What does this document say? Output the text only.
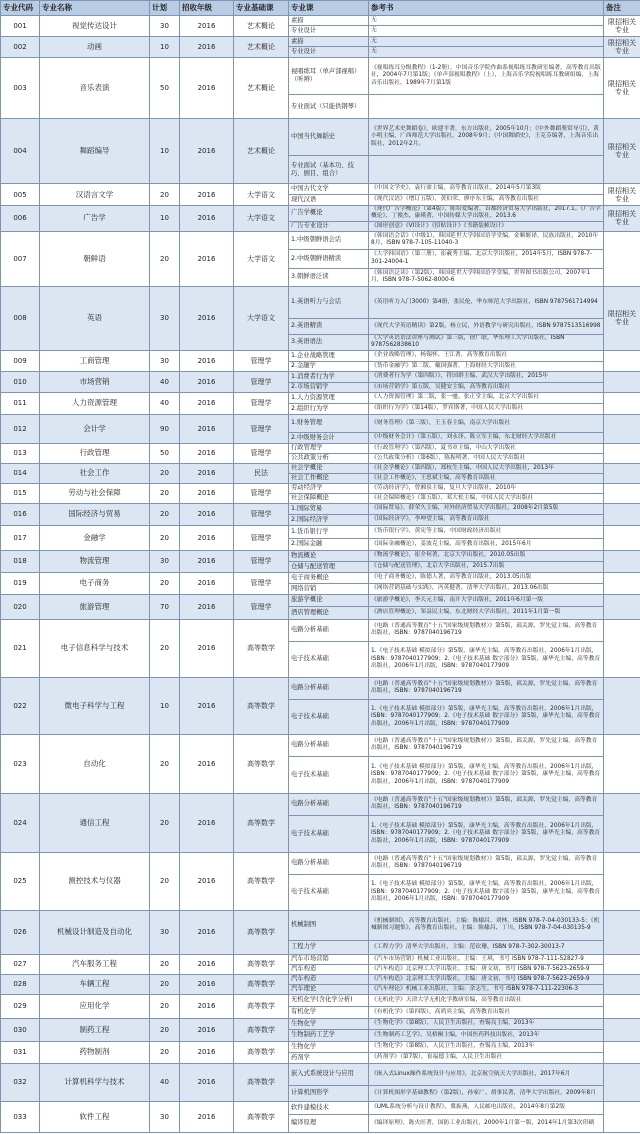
专业代码	专业名称	计划	招收年级	专业基础课	专业课	参考书	备注
001	视觉传达设计	30	2016	艺术概论	素描	无	限招相关专业
					专业设计	无	
002	动画	10	2016	艺术概论	素描	无	限招相关专业
					专业设计	无	
003	音乐表演	50	2016	艺术概论	视唱练耳（单声部视唱）（听辨）	《视唱练耳分级教程》（1-2册），中国音乐学院作曲系视唱练耳教研室编著，高等教育出版社，2004年7月第1版；《单声部视唱教程》（上），上海音乐学院视唱练耳教研组编，上海音乐出版社，1989年7月第1版	限招相关专业
					专业面试（只能供钢琴）		
004	舞蹈编导	10	2016	艺术概论	中国当代舞蹈史	《世界艺术史舞蹈卷》，欧建平著，东方出版社，2005年10月；《中外舞蹈鉴赏导引》，黄小明主编，广西师范大学出版社，2008年9月；《中国舞蹈史》，王克芬编著，上海音乐出版社，2012年2月。	限招相关专业
					专业面试（基本功、技巧、剧目、组合）		
005	汉语言文学	20	2016	大学语文	中国古代文学	《中国文学史》，袁行霈主编，高等教育出版社，2014年5月第3版	限招相关专业
					现代汉语	《现代汉语》（增订五版），黄伯荣、廖序东主编，高等教育出版社	
006	广告学	10	2016	大学语文	广告学概论	《现代广告学概论》（第4版），陈培爱编著，首都经济贸易大学出版社，2017.1。《广告学概论》，丁俊杰、康瑾著，中国传媒大学出版社，2013.6	限招相关专业
					广告专业设计	《图形创意》《VI设计》《招贴设计》《书籍装帧设计》	
007	朝鲜语	20	2016	大学语文	1.中级朝鲜语会话	《韩国语会话》（中级1），韩国延世大学韩国语学堂编，金顺姬译，民族出版社，2010年8月，ISBN 978-7-105-11040-3	
					2.中级朝鲜语精读	《大学韩国语》（第三册），崔羲秀主编，北京大学出版社，2014年5月，ISBN 978-7-301-24004-1	
					3.朝鲜语泛读	《韩国语泛读》（第2版），韩国延世大学韩国语学堂编，世界图书出版公司，2007年1月，ISBN 978-7-5062-8000-6	
008	英语	30	2016	大学语文	1.英语听力与会话	《英语听力入门3000》第4册，张民伦，华东师范大学出版社，ISBN 9787561714994	限招相关专业
					2.英语精读	《现代大学英语精读》第2版，杨立民，外语教学与研究出版社，ISBN 9787513516998	
					3.英语语法	《大学英语语法讲座与测试》第三版，徐广联，华东理工大学出版社，ISBN 9787562838610	
009	工商管理	30	2016	管理学	1.企业战略管理	《企业战略管理》，杨锡怀、王江著，高等教育出版社	
					2.金融学	《货币金融学》第二版，戴国强著，上海财经大学出版社	
010	市场营销	40	2016	管理学	1.消费者行为学	《消费者行为学（第四版）》，符国群主编，武汉大学出版社，2015年	
					2.市场营销学	《市场营销学》第五版，吴健安主编，高等教育出版社	
011	人力资源管理	40	2016	管理学	1.人力资源管理	《人力资源管理》第二版，张一驰、张正堂主编，北京大学出版社	
					2.组织行为学	《组织行为学》（第14版），罗宾斯著，中国人民大学出版社	
012	会计学	90	2016	管理学	1.财务管理	《财务管理》（第三版），王玉春主编，南京大学出版社	
					2.中级财务会计	《中级财务会计》（第五版），刘永泽、陈立军主编，东北财经大学出版社	
013	行政管理	50	2016	管理学	行政管理学	《行政管理学》（第四版），夏书章主编，中山大学出版社	
					公共政策分析	《公共政策分析》（第6版），陈振明著，中国人民大学出版社	
014	社会工作	20	2016	民法	社会学概论	《社会学概论》（第四版），郑杭生主编，中国人民大学出版社，2013年	
					社会工作概论	《社会工作概论》，王思斌主编，高等教育出版社	
015	劳动与社会保障	20	2016	管理学	劳动经济学	《劳动经济学》，曾湘泉主编，复旦大学出版社，2010年	
					社会保障概论	《社会保障概论》（第五版），邓大松主编，中国人民大学出版社	
016	国际经济与贸易	20	2016	管理学	1.国际贸易	《国际贸易》，薛荣久主编，对外经济贸易大学出版社，2008年2月第5版	
					2.国际经济学	《国际经济学》，李坤望主编，高等教育出版社	
017	金融学	20	2016	管理学	1.货币银行学	《货币银行学》，黄宪等主编，中国财政经济出版社	
					2.国际金融	《国际金融概论》，姜波克主编，高等教育出版社，2015年6月	
018	物流管理	30	2016	管理学	物流概论	《物流学概论》，崔介何著，北京大学出版社，2010.05出版	
					仓储与配送管理	《仓储与配送管理》，北京大学出版社，2015.7出版	
019	电子商务	20	2016	管理学	电子商务概论	《电子商务概论》，陈德人著，高等教育出版社，2013.05出版	
					网络营销	《网络营销基础与实践》，冯英健著，清华大学出版社，2013.06出版	
020	旅游管理	70	2016	管理学	旅游学概论	《旅游学概论》，李天元主编，南开大学出版社，2011年6月第一版	
					酒店管理概论	《酒店管理概论》，邹益民主编，东北财经大学出版社，2011年1月第一版	
021	电子信息科学与技术	20	2016	高等数学	电路分析基础	《电路（普通高等教育"十五"国家级规划教材）》第5版，邱关源，罗先觉主编，高等教育出版社，ISBN：9787040196719	
					电子技术基础	1.《电子技术基础 模拟部分》第5版，康华光主编，高等教育出版社，2006年1月出版，ISBN：9787040177909；2.《电子技术基础 数字部分》第5版，康华光主编，高等教育出版社，2006年1月出版，ISBN：9787040177909	
022	微电子科学与工程	10	2016	高等数学	电路分析基础	《电路（普通高等教育"十五"国家级规划教材）》第5版，邱关源，罗先觉主编，高等教育出版社，ISBN：9787040196719	
					电子技术基础	1.《电子技术基础 模拟部分》第5版，康华光主编，高等教育出版社，2006年1月出版，ISBN：9787040177909；2.《电子技术基础 数字部分》第5版，康华光主编，高等教育出版社，2006年1月出版，ISBN：9787040177909	
023	自动化	20	2016	高等数学	电路分析基础	《电路（普通高等教育"十五"国家级规划教材）》第5版，邱关源，罗先觉主编，高等教育出版社，ISBN：9787040196719	
					电子技术基础	1.《电子技术基础 模拟部分》第5版，康华光主编，高等教育出版社，2006年1月出版，ISBN：9787040177909；2.《电子技术基础 数字部分》第5版，康华光主编，高等教育出版社，2006年1月出版，ISBN：9787040177909	
024	通信工程	20	2016	高等数学	电路分析基础	《电路（普通高等教育"十五"国家级规划教材）》第5版，邱关源，罗先觉主编，高等教育出版社，ISBN：9787040196719	
					电子技术基础	1.《电子技术基础 模拟部分》第5版，康华光主编，高等教育出版社，2006年1月出版，ISBN：9787040177909；2.《电子技术基础 数字部分》第5版，康华光主编，高等教育出版社，2006年1月出版，ISBN：9787040177909	
025	测控技术与仪器	20	2016	高等数学	电路分析基础	《电路（普通高等教育"十五"国家级规划教材）》第5版，邱关源，罗先觉主编，高等教育出版社，ISBN：9787040196719	
					电子技术基础	1.《电子技术基础 模拟部分》第5版，康华光主编，高等教育出版社，2006年1月出版，ISBN：9787040177909；2.《电子技术基础 数字部分》第5版，康华光主编，高等教育出版社，2006年1月出版，ISBN：9787040177909	
026	机械设计制造及自动化	30	2016	高等数学	机械制图	《机械制图》，高等教育出版社，主编：陈棣昌、刘林，ISBN 978-7-04-030133-5；《机械制图习题集》，高等教育出版社，主编：陈棣昌、丁川，ISBN 978-7-04-030135-9	
					工程力学	《工程力学》清华大学出版社，主编：范钦珊，ISBN 978-7-302-30013-7	
027	汽车服务工程	20	2016	高等数学	汽车市场营销	《汽车市场营销》机械工业出版社，主编：王琪，书号 ISBN 978-7-111-52827-9	
					汽车构造	《汽车构造》北京理工大学出版社，主编：唐文初，书号 ISBN 978-7-5623-2659-9	
028	车辆工程	20	2016	高等数学	汽车构造	《汽车构造》北京理工大学出版社，主编：唐文初，书号 ISBN 978-7-5623-2659-9	
					汽车理论	《汽车理论》机械工业出版社，主编：余志生，书号 ISBN 978-7-111-22306-3	
029	应用化学	20	2016	高等数学	无机化学(含化学分析)	《无机化学》天津大学无机化学教研室编，高等教育出版社	
					有机化学	《有机化学》（第四版），高鸿宾主编，高等教育出版社	
030	制药工程	20	2016	高等数学	生物化学	《生物化学》（第8版），人民卫生出版社，查锡良主编，2013年	
					生物制药工艺学	《生物制药工艺学》，吴梧桐主编，中国医药科技出版社，2013年	
031	药物制剂	20	2016	高等数学	生物化学	《生物化学》（第8版），人民卫生出版社，查锡良主编，2013年	
					药剂学	《药剂学》（第7版），崔福德主编，人民卫生出版社	
032	计算机科学与技术	40	2016	高等数学	嵌入式系统设计与应用	《嵌入式Linux操作系统设计与应用》，北京航空航天大学出版社，2017年6月	
					计算机图形学	《计算机图形学基础教程》（第2版），孙家广、胡事民著，清华大学出版社，2009年8月	
033	软件工程	30	2016	高等数学	软件建模技术	《UML系统分析与设计教程》，冀振燕，人民邮电出版社，2014年8月第2版	
					编译原理	《编译原理》，陈火旺著，国防工业出版社，2000年1月第一版，2014年1月第3次印刷	
